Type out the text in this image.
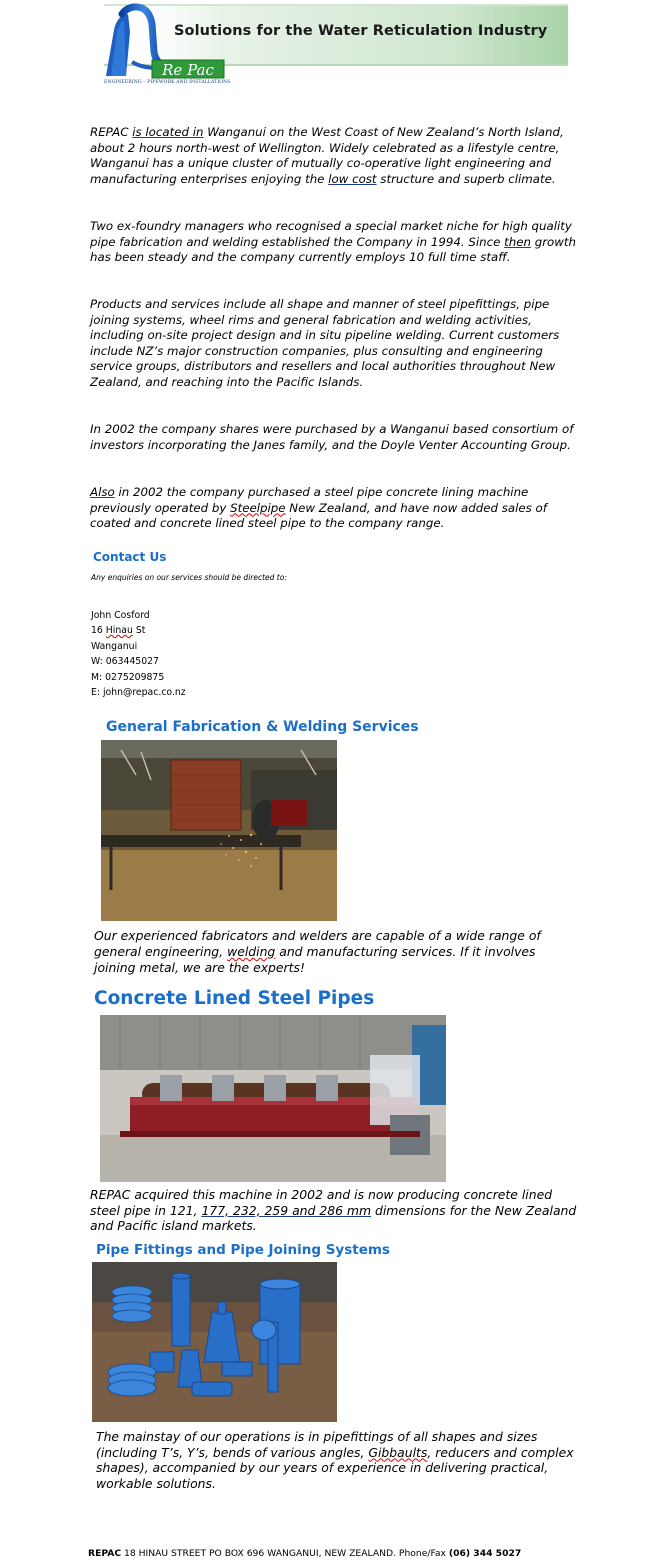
Solutions for the Water Reticulation Industry
Re Pac
ENGINEERING – PIPEWORK AND INSTALLATIONS
REPAC is located in Wanganui on the West Coast of New Zealand’s North Island, about 2 hours north-west of Wellington. Widely celebrated as a lifestyle centre, Wanganui has a unique cluster of mutually co-operative light engineering and manufacturing enterprises enjoying the low cost structure and superb climate.
Two ex-foundry managers who recognised a special market niche for high quality pipe fabrication and welding established the Company in 1994. Since then growth has been steady and the company currently employs 10 full time staff.
Products and services include all shape and manner of steel pipefittings, pipe joining systems, wheel rims and general fabrication and welding activities, including on-site project design and in situ pipeline welding. Current customers include NZ’s major construction companies, plus consulting and engineering service groups, distributors and resellers and local authorities throughout New Zealand, and reaching into the Pacific Islands.
In 2002 the company shares were purchased by a Wanganui based consortium of investors incorporating the Janes family, and the Doyle Venter Accounting Group.
Also in 2002 the company purchased a steel pipe concrete lining machine previously operated by Steelpipe New Zealand, and have now added sales of coated and concrete lined steel pipe to the company range.
Contact Us
Any enquiries on our services should be directed to:
John Cosford
16 Hinau St
Wanganui
W: 063445027
M: 0275209875
E: john@repac.co.nz
General Fabrication & Welding Services
Our experienced fabricators and welders are capable of a wide range of general engineering, welding and manufacturing services. If it involves joining metal, we are the experts!
Concrete Lined Steel Pipes
REPAC acquired this machine in 2002 and is now producing concrete lined steel pipe in 121, 177, 232, 259 and 286 mm dimensions for the New Zealand and Pacific island markets.
Pipe Fittings and Pipe Joining Systems
The mainstay of our operations is in pipefittings of all shapes and sizes (including T’s, Y’s, bends of various angles, Gibbaults, reducers and complex shapes), accompanied by our years of experience in delivering practical, workable solutions.
REPAC 18 HINAU STREET PO BOX 696 WANGANUI, NEW ZEALAND. Phone/Fax (06) 344 5027
